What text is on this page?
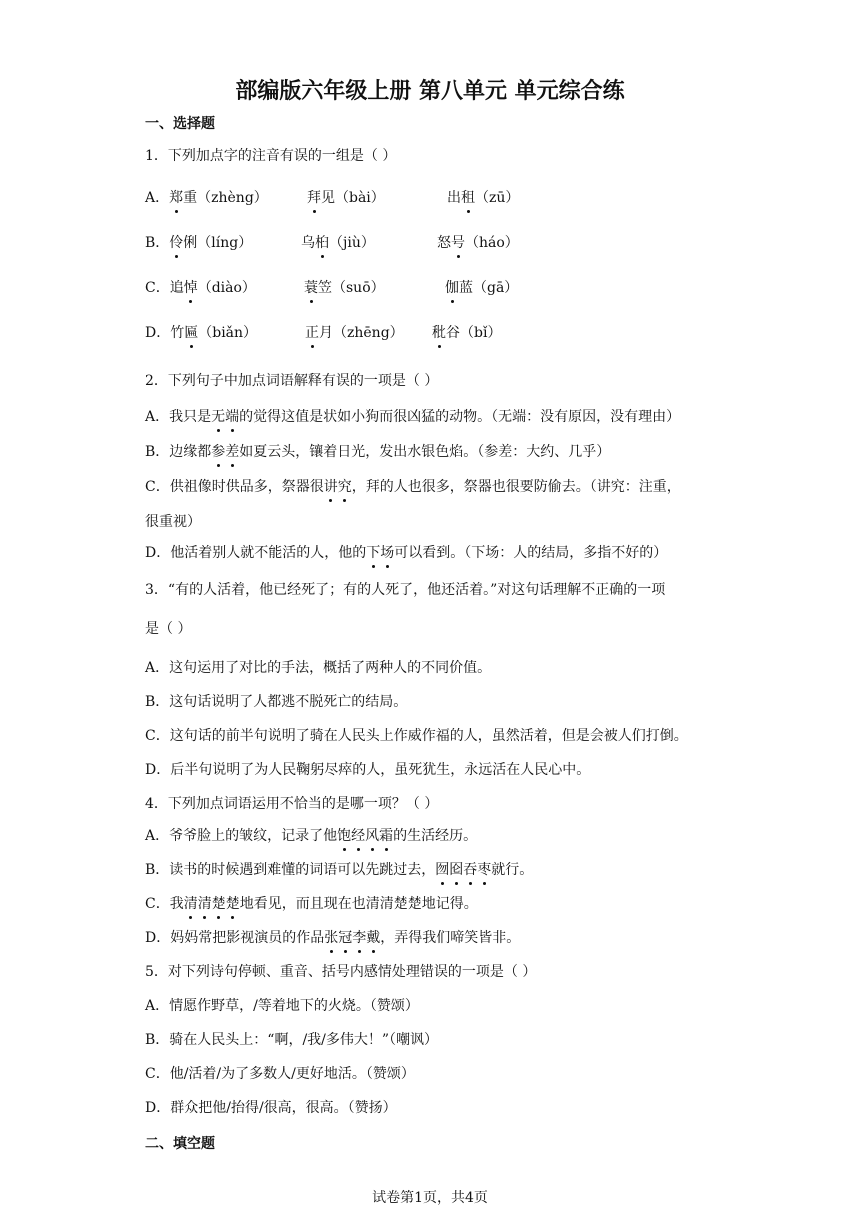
部编版六年级上册 第八单元 单元综合练
一、选择题
1．下列加点字的注音有误的一组是（ ）
A．郑重（zhèng）	拜见（bài）	出租（zū）
B．伶俐（líng）	乌桕（jiù）	怒号（háo）
C．追悼（diào）	蓑笠（suō）	伽蓝（gā）
D．竹匾（biǎn）	正月（zhēng） 秕谷（bǐ）
2．下列句子中加点词语解释有误的一项是（ ）
A．我只是无端的觉得这值是状如小狗而很凶猛的动物。（无端：没有原因，没有理由）
B．边缘都参差如夏云头，镶着日光，发出水银色焰。（参差：大约、几乎）
C．供祖像时供品多，祭器很讲究，拜的人也很多，祭器也很要防偷去。（讲究：注重，
很重视）
D．他活着别人就不能活的人，他的下场可以看到。（下场：人的结局，多指不好的）
3．“有的人活着，他已经死了；有的人死了，他还活着。”对这句话理解不正确的一项
是（ ）
A．这句运用了对比的手法，概括了两种人的不同价值。
B．这句话说明了人都逃不脱死亡的结局。
C．这句话的前半句说明了骑在人民头上作威作福的人，虽然活着，但是会被人们打倒。
D．后半句说明了为人民鞠躬尽瘁的人，虽死犹生，永远活在人民心中。
4．下列加点词语运用不恰当的是哪一项？（ ）
A．爷爷脸上的皱纹，记录了他饱经风霜的生活经历。
B．读书的时候遇到难懂的词语可以先跳过去，囫囵吞枣就行。
C．我清清楚楚地看见，而且现在也清清楚楚地记得。
D．妈妈常把影视演员的作品张冠李戴，弄得我们啼笑皆非。
5．对下列诗句停顿、重音、括号内感情处理错误的一项是（ ）
A．情愿作野草，/等着地下的火烧。（赞颂）
B．骑在人民头上：“啊，/我/多伟大！”（嘲讽）
C．他/活着/为了多数人/更好地活。（赞颂）
D．群众把他/抬得/很高，很高。（赞扬）
二、填空题
试卷第1页，共4页
